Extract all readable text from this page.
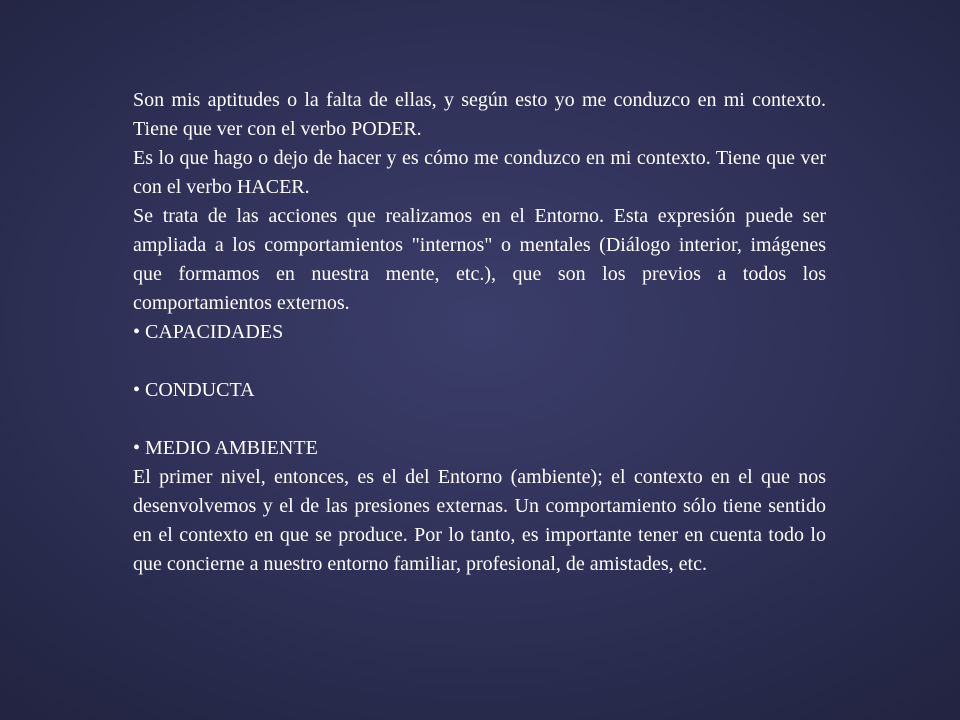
Son mis aptitudes o la falta de ellas, y según esto yo me conduzco en mi contexto. Tiene que ver con el verbo PODER.

Es lo que hago o dejo de hacer y es cómo me conduzco en mi contexto. Tiene que ver con el verbo HACER.

Se trata de las acciones que realizamos en el Entorno. Esta expresión puede ser ampliada a los comportamientos "internos" o mentales (Diálogo interior, imágenes que formamos en nuestra mente, etc.), que son los previos a todos los comportamientos externos.

• CAPACIDADES

• CONDUCTA

• MEDIO AMBIENTE

El primer nivel, entonces, es el del Entorno (ambiente); el contexto en el que nos desenvolvemos y el de las presiones externas. Un comportamiento sólo tiene sentido en el contexto en que se produce. Por lo tanto, es importante tener en cuenta todo lo que concierne a nuestro entorno familiar, profesional, de amistades, etc.
